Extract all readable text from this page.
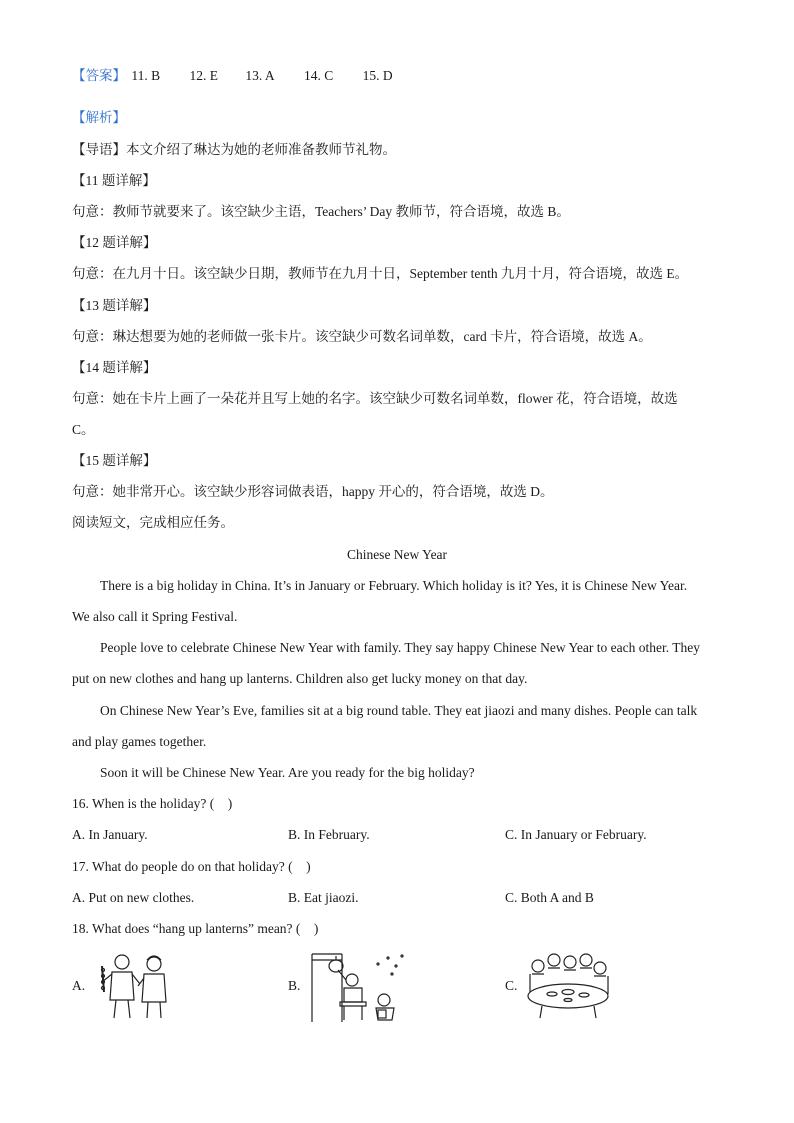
【答案】 11. B 12. E 13. A 14. C 15. D
【解析】
【导语】本文介绍了琳达为她的老师准备教师节礼物。
【11 题详解】
句意：教师节就要来了。该空缺少主语，Teachers’ Day 教师节，符合语境，故选 B。
【12 题详解】
句意：在九月十日。该空缺少日期，教师节在九月十日，September tenth 九月十月，符合语境，故选 E。
【13 题详解】
句意：琳达想要为她的老师做一张卡片。该空缺少可数名词单数，card 卡片，符合语境，故选 A。
【14 题详解】
句意：她在卡片上画了一朵花并且写上她的名字。该空缺少可数名词单数，flower 花，符合语境，故选
C。
【15 题详解】
句意：她非常开心。该空缺少形容词做表语，happy 开心的，符合语境，故选 D。
阅读短文，完成相应任务。
Chinese New Year
There is a big holiday in China. It’s in January or February. Which holiday is it? Yes, it is Chinese New Year.
We also call it Spring Festival.
People love to celebrate Chinese New Year with family. They say happy Chinese New Year to each other. They
put on new clothes and hang up lanterns. Children also get lucky money on that day.
On Chinese New Year’s Eve, families sit at a big round table. They eat jiaozi and many dishes. People can talk
and play games together.
Soon it will be Chinese New Year. Are you ready for the big holiday?
16. When is the holiday? (　)
A. In January.	B. In February.	C. In January or February.
17. What do people do on that holiday? (　)
A. Put on new clothes.	B. Eat jiaozi.	C. Both A and B
18. What does “hang up lanterns” mean? (　)
A.	B.	C.
